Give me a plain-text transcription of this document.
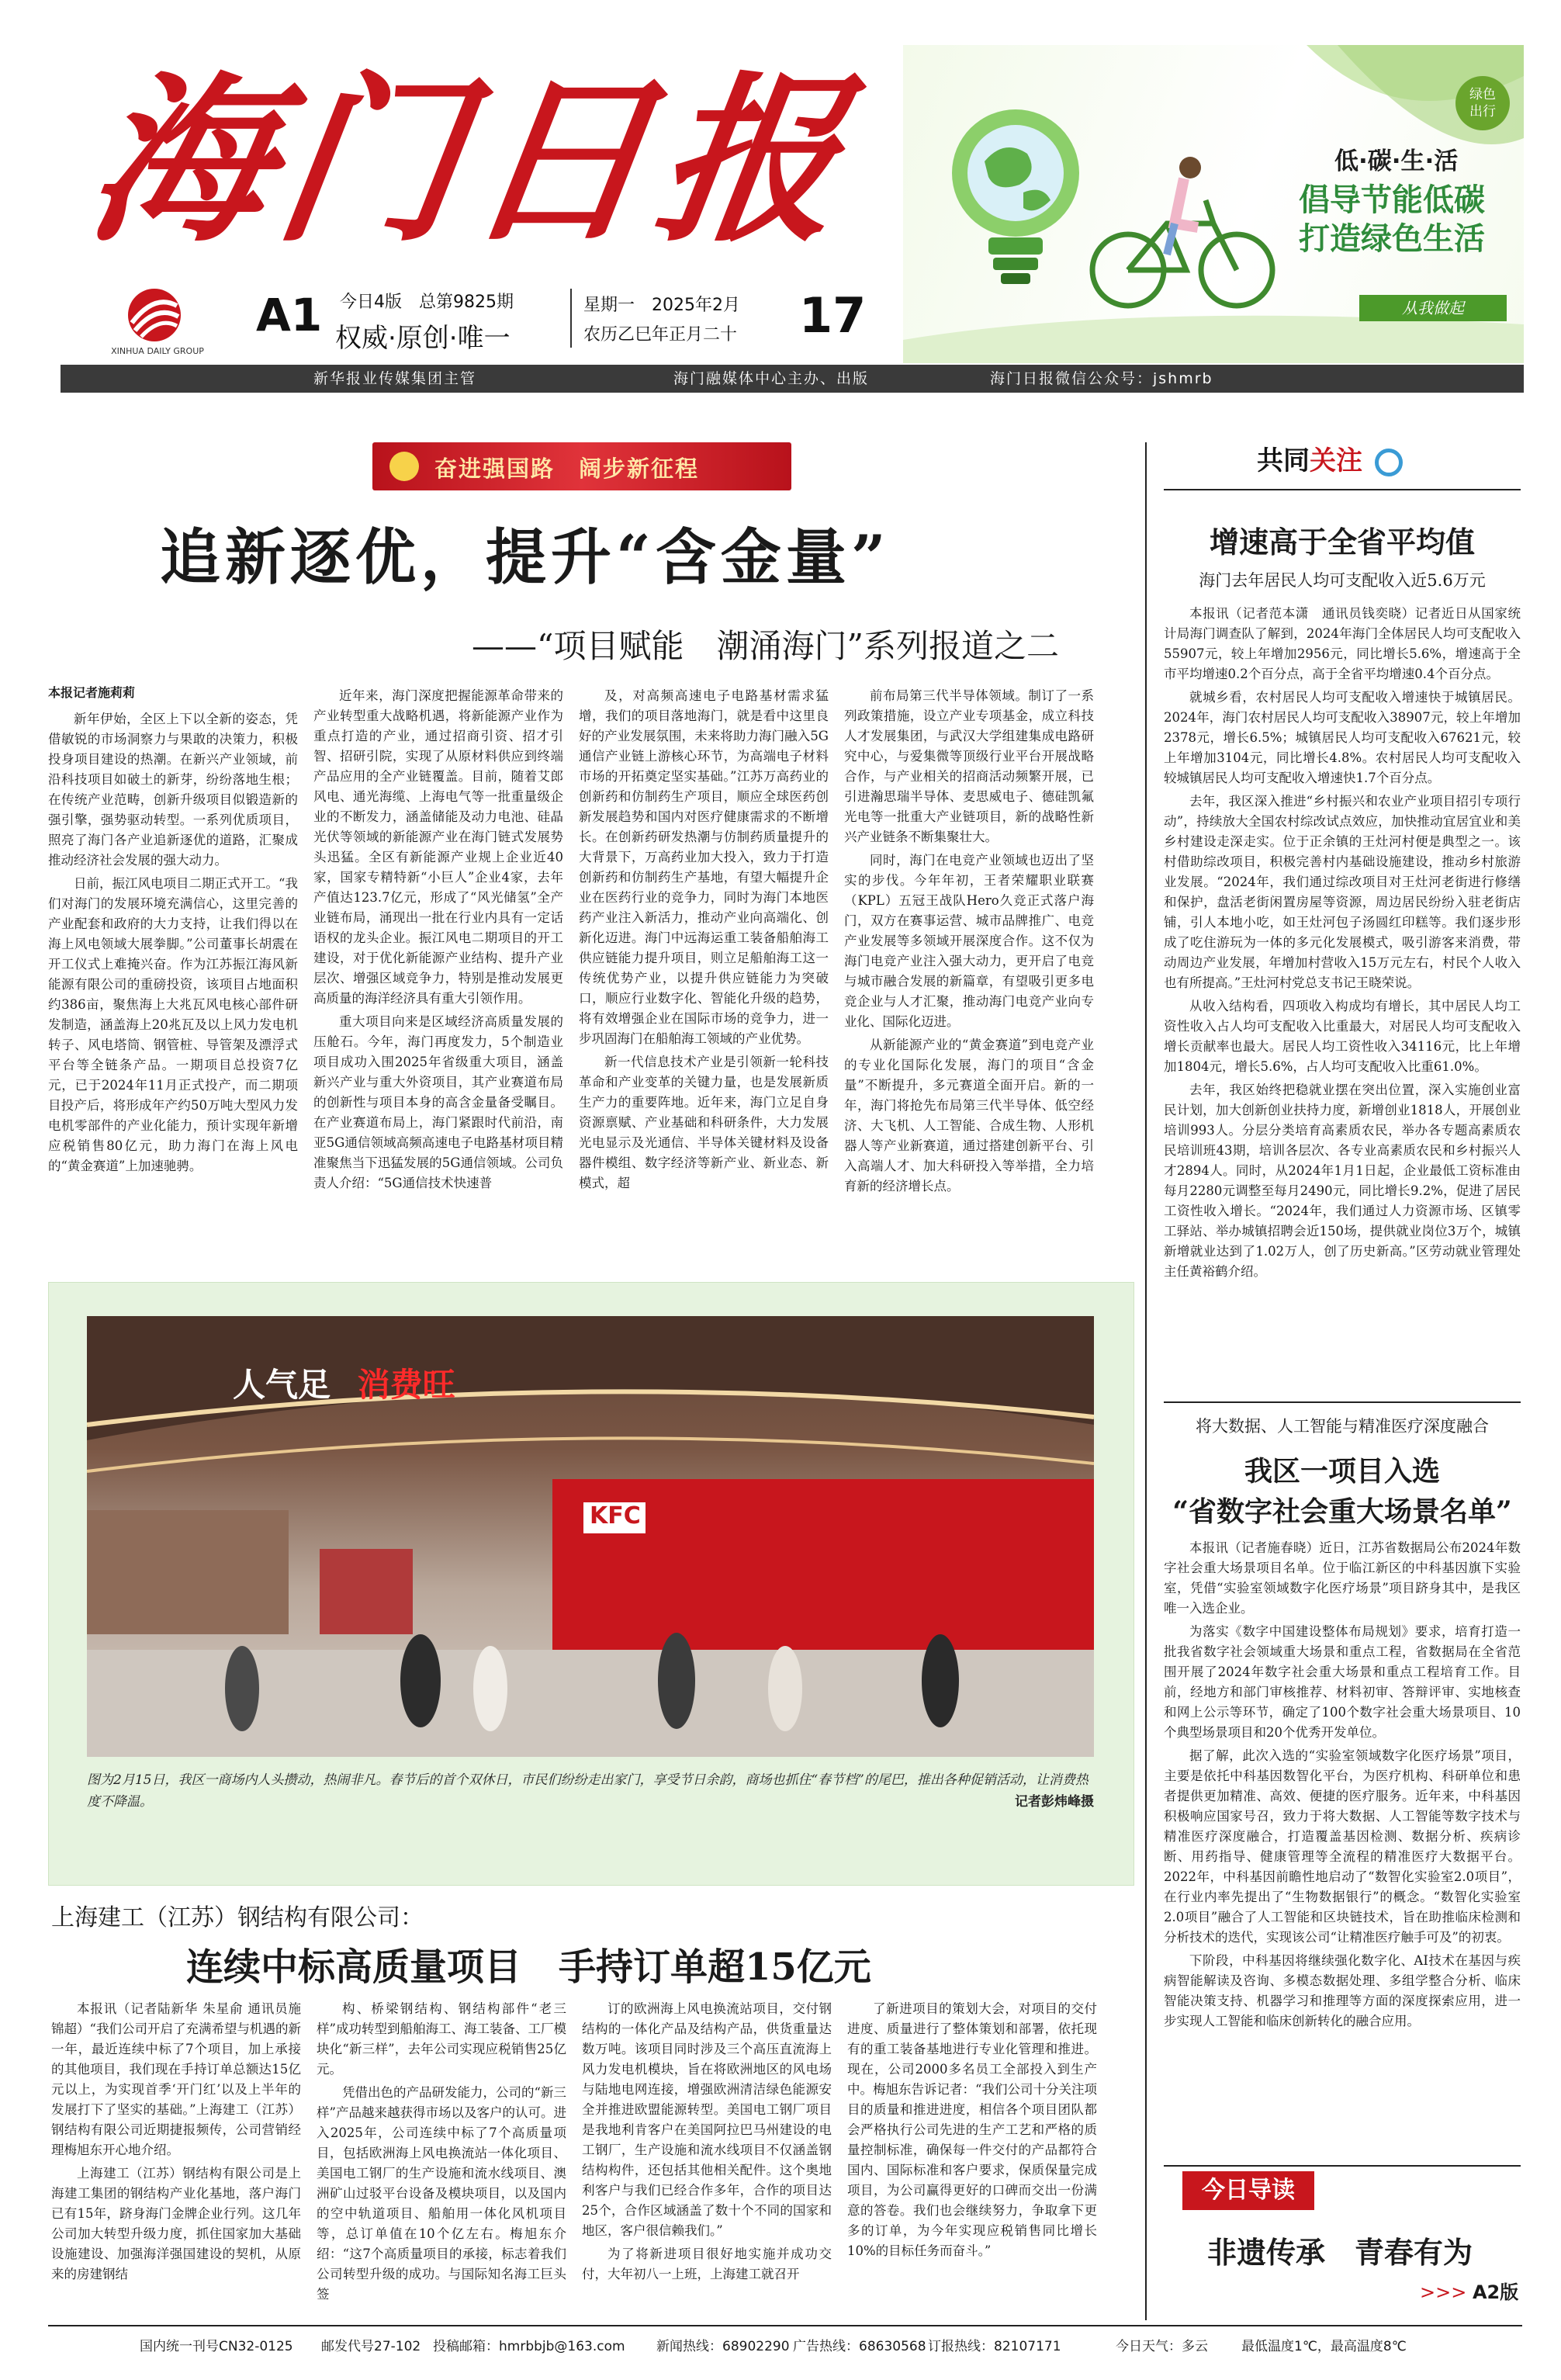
海门日报
XINHUA DAILY GROUP
A1 今日4版　总第9825期
权威·原创·唯一
星期一　2025年2月
农历乙巳年正月二十 17
绿色出行
低·碳·生·活
倡导节能低碳
打造绿色生活
从我做起
新华报业传媒集团主管	海门融媒体中心主办、出版	海门日报微信公众号：jshmrb
奋进强国路　阔步新征程
追新逐优，提升“含金量”
——“项目赋能　潮涌海门”系列报道之二
本报记者施莉莉

新年伊始，全区上下以全新的姿态，凭借敏锐的市场洞察力与果敢的决策力，积极投身项目建设的热潮。在新兴产业领域，前沿科技项目如破土的新芽，纷纷落地生根；在传统产业范畴，创新升级项目似锻造新的强引擎，强势驱动转型。一系列优质项目，照亮了海门各产业追新逐优的道路，汇聚成推动经济社会发展的强大动力。

日前，振江风电项目二期正式开工。“我们对海门的发展环境充满信心，这里完善的产业配套和政府的大力支持，让我们得以在海上风电领域大展拳脚。”公司董事长胡震在开工仪式上难掩兴奋。作为江苏振江海风新能源有限公司的重磅投资，该项目占地面积约386亩，聚焦海上大兆瓦风电核心部件研发制造，涵盖海上20兆瓦及以上风力发电机转子、风电塔筒、钢管桩、导管架及漂浮式平台等全链条产品。一期项目总投资7亿元，已于2024年11月正式投产，而二期项目投产后，将形成年产约50万吨大型风力发电机零部件的产业化能力，预计实现年新增应税销售80亿元，助力海门在海上风电的“黄金赛道”上加速驰骋。

近年来，海门深度把握能源革命带来的产业转型重大战略机遇，将新能源产业作为重点打造的产业，通过招商引资、招才引智、招研引院，实现了从原材料供应到终端产品应用的全产业链覆盖。目前，随着艾郎风电、通光海缆、上海电气等一批重量级企业的不断发力，涵盖储能及动力电池、硅晶光伏等领域的新能源产业在海门链式发展势头迅猛。全区有新能源产业规上企业近40家，国家专精特新“小巨人”企业4家，去年产值达123.7亿元，形成了“风光储氢”全产业链布局，涌现出一批在行业内具有一定话语权的龙头企业。振江风电二期项目的开工建设，对于优化新能源产业结构、提升产业层次、增强区域竞争力，特别是推动发展更高质量的海洋经济具有重大引领作用。

重大项目向来是区域经济高质量发展的压舱石。今年，海门再度发力，5个制造业项目成功入围2025年省级重大项目，涵盖新兴产业与重大外资项目，其产业赛道布局的创新性与项目本身的高含金量备受瞩目。在产业赛道布局上，海门紧跟时代前沿，南亚5G通信领域高频高速电子电路基材项目精准聚焦当下迅猛发展的5G通信领域。公司负责人介绍：“5G通信技术快速普

及，对高频高速电子电路基材需求猛增，我们的项目落地海门，就是看中这里良好的产业发展氛围，未来将助力海门融入5G通信产业链上游核心环节，为高端电子材料市场的开拓奠定坚实基础。”江苏万高药业的创新药和仿制药生产项目，顺应全球医药创新发展趋势和国内对医疗健康需求的不断增长。在创新药研发热潮与仿制药质量提升的大背景下，万高药业加大投入，致力于打造创新药和仿制药生产基地，有望大幅提升企业在医药行业的竞争力，同时为海门本地医药产业注入新活力，推动产业向高端化、创新化迈进。海门中远海运重工装备船舶海工供应链能力提升项目，则立足船舶海工这一传统优势产业，以提升供应链能力为突破口，顺应行业数字化、智能化升级的趋势，将有效增强企业在国际市场的竞争力，进一步巩固海门在船舶海工领域的产业优势。

新一代信息技术产业是引领新一轮科技革命和产业变革的关键力量，也是发展新质生产力的重要阵地。近年来，海门立足自身资源禀赋、产业基础和科研条件，大力发展光电显示及光通信、半导体关键材料及设备器件模组、数字经济等新产业、新业态、新模式，超

前布局第三代半导体领域。制订了一系列政策措施，设立产业专项基金，成立科技人才发展集团，与武汉大学组建集成电路研究中心，与爱集微等顶级行业平台开展战略合作，与产业相关的招商活动频繁开展，已引进瀚思瑞半导体、麦思威电子、德硅凯氟光电等一批重大产业链项目，新的战略性新兴产业链条不断集聚壮大。

同时，海门在电竞产业领域也迈出了坚实的步伐。今年年初，王者荣耀职业联赛（KPL）五冠王战队Hero久竞正式落户海门，双方在赛事运营、城市品牌推广、电竞产业发展等多领域开展深度合作。这不仅为海门电竞产业注入强大动力，更开启了电竞与城市融合发展的新篇章，有望吸引更多电竞企业与人才汇聚，推动海门电竞产业向专业化、国际化迈进。

从新能源产业的“黄金赛道”到电竞产业的专业化国际化发展，海门的项目“含金量”不断提升，多元赛道全面开启。新的一年，海门将抢先布局第三代半导体、低空经济、大飞机、人工智能、合成生物、人形机器人等产业新赛道，通过搭建创新平台、引入高端人才、加大科研投入等举措，全力培育新的经济增长点。

人气足 消费旺
KFC
图为2月15日，我区一商场内人头攒动，热闹非凡。春节后的首个双休日，市民们纷纷走出家门，享受节日余韵，商场也抓住“春节档”的尾巴，推出各种促销活动，让消费热度不降温。	记者彭炜峰摄
上海建工（江苏）钢结构有限公司：
连续中标高质量项目　手持订单超15亿元

本报讯（记者陆新华 朱星俞 通讯员施锦超）“我们公司开启了充满希望与机遇的新一年，最近连续中标了7个项目，加上承接的其他项目，我们现在手持订单总额达15亿元以上，为实现首季‘开门红’以及上半年的发展打下了坚实的基础。”上海建工（江苏）钢结构有限公司近期捷报频传，公司营销经理梅旭东开心地介绍。

上海建工（江苏）钢结构有限公司是上海建工集团的钢结构产业化基地，落户海门已有15年，跻身海门金牌企业行列。这几年公司加大转型升级力度，抓住国家加大基础设施建设、加强海洋强国建设的契机，从原来的房建钢结

构、桥梁钢结构、钢结构部件“老三样”成功转型到船舶海工、海工装备、工厂模块化“新三样”，去年公司实现应税销售25亿元。

凭借出色的产品研发能力，公司的“新三样”产品越来越获得市场以及客户的认可。进入2025年，公司连续中标了7个高质量项目，包括欧洲海上风电换流站一体化项目、美国电工钢厂的生产设施和流水线项目、澳洲矿山过驳平台设备及模块项目，以及国内的空中轨道项目、船舶用一体化风机项目等，总订单值在10个亿左右。梅旭东介绍：“这7个高质量项目的承接，标志着我们公司转型升级的成功。与国际知名海工巨头签

订的欧洲海上风电换流站项目，交付钢结构的一体化产品及结构产品，供货重量达数万吨。该项目同时涉及三个高压直流海上风力发电机模块，旨在将欧洲地区的风电场与陆地电网连接，增强欧洲清洁绿色能源安全并推进欧盟能源转型。美国电工钢厂项目是我地利肯客户在美国阿拉巴马州建设的电工钢厂，生产设施和流水线项目不仅涵盖钢结构构件，还包括其他相关配件。这个奥地利客户与我们已经合作多年，合作的项目达25个，合作区域涵盖了数十个不同的国家和地区，客户很信赖我们。”

为了将新进项目很好地实施并成功交付，大年初八一上班，上海建工就召开

了新进项目的策划大会，对项目的交付进度、质量进行了整体策划和部署，依托现有的重工装备基地进行专业化管理和推进。现在，公司2000多名员工全部投入到生产中。梅旭东告诉记者：“我们公司十分关注项目的质量和推进进度，相信各个项目团队都会严格执行公司先进的生产工艺和严格的质量控制标准，确保每一件交付的产品都符合国内、国际标准和客户要求，保质保量完成项目，为公司赢得更好的口碑而交出一份满意的答卷。我们也会继续努力，争取拿下更多的订单，为今年实现应税销售同比增长10%的目标任务而奋斗。”

共同关注
增速高于全省平均值
海门去年居民人均可支配收入近5.6万元

本报讯（记者范本潇　通讯员钱奕晓）记者近日从国家统计局海门调查队了解到，2024年海门全体居民人均可支配收入55907元，较上年增加2956元，同比增长5.6%，增速高于全市平均增速0.2个百分点，高于全省平均增速0.4个百分点。

就城乡看，农村居民人均可支配收入增速快于城镇居民。2024年，海门农村居民人均可支配收入38907元，较上年增加2378元，增长6.5%；城镇居民人均可支配收入67621元，较上年增加3104元，同比增长4.8%。农村居民人均可支配收入较城镇居民人均可支配收入增速快1.7个百分点。

去年，我区深入推进“乡村振兴和农业产业项目招引专项行动”，持续放大全国农村综改试点效应，加快推动宜居宜业和美乡村建设走深走实。位于正余镇的王灶河村便是典型之一。该村借助综改项目，积极完善村内基础设施建设，推动乡村旅游业发展。“2024年，我们通过综改项目对王灶河老街进行修缮和保护，盘活老街闲置房屋等资源，周边居民纷纷入驻老街店铺，引人本地小吃，如王灶河包子汤圆红印糕等。我们逐步形成了吃住游玩为一体的多元化发展模式，吸引游客来消费，带动周边产业发展，年增加村营收入15万元左右，村民个人收入也有所提高。”王灶河村党总支书记王晓荣说。

从收入结构看，四项收入构成均有增长，其中居民人均工资性收入占人均可支配收入比重最大，对居民人均可支配收入增长贡献率也最大。居民人均工资性收入34116元，比上年增加1804元，增长5.6%，占人均可支配收入比重61.0%。

去年，我区始终把稳就业摆在突出位置，深入实施创业富民计划，加大创新创业扶持力度，新增创业1818人，开展创业培训993人。分层分类培育高素质农民，举办各专题高素质农民培训班43期，培训各层次、各专业高素质农民和乡村振兴人才2894人。同时，从2024年1月1日起，企业最低工资标准由每月2280元调整至每月2490元，同比增长9.2%，促进了居民工资性收入增长。“2024年，我们通过人力资源市场、区镇零工驿站、举办城镇招聘会近150场，提供就业岗位3万个，城镇新增就业达到了1.02万人，创了历史新高。”区劳动就业管理处主任黄裕鹤介绍。

将大数据、人工智能与精准医疗深度融合
我区一项目入选
“省数字社会重大场景名单”

本报讯（记者施春晓）近日，江苏省数据局公布2024年数字社会重大场景项目名单。位于临江新区的中科基因旗下实验室，凭借“实验室领域数字化医疗场景”项目跻身其中，是我区唯一入选企业。

为落实《数字中国建设整体布局规划》要求，培育打造一批我省数字社会领域重大场景和重点工程，省数据局在全省范围开展了2024年数字社会重大场景和重点工程培育工作。目前，经地方和部门审核推荐、材料初审、答辩评审、实地核查和网上公示等环节，确定了100个数字社会重大场景项目、10个典型场景项目和20个优秀开发单位。

据了解，此次入选的“实验室领域数字化医疗场景”项目，主要是依托中科基因数智化平台，为医疗机构、科研单位和患者提供更加精准、高效、便捷的医疗服务。近年来，中科基因积极响应国家号召，致力于将大数据、人工智能等数字技术与精准医疗深度融合，打造覆盖基因检测、数据分析、疾病诊断、用药指导、健康管理等全流程的精准医疗大数据平台。2022年，中科基因前瞻性地启动了“数智化实验室2.0项目”，在行业内率先提出了“生物数据银行”的概念。“数智化实验室2.0项目”融合了人工智能和区块链技术，旨在助推临床检测和分析技术的迭代，实现该公司“让精准医疗触手可及”的初衷。

下阶段，中科基因将继续强化数字化、AI技术在基因与疾病智能解读及咨询、多模态数据处理、多组学整合分析、临床智能决策支持、机器学习和推理等方面的深度探索应用，进一步实现人工智能和临床创新转化的融合应用。

今日导读
非遗传承　青春有为
>>> A2版
国内统一刊号CN32-0125 邮发代号27-102 投稿邮箱：hmrbbjb@163.com 新闻热线：68902290 广告热线：68630568 订报热线：82107171	今日天气：多云	最低温度1℃，最高温度8℃
